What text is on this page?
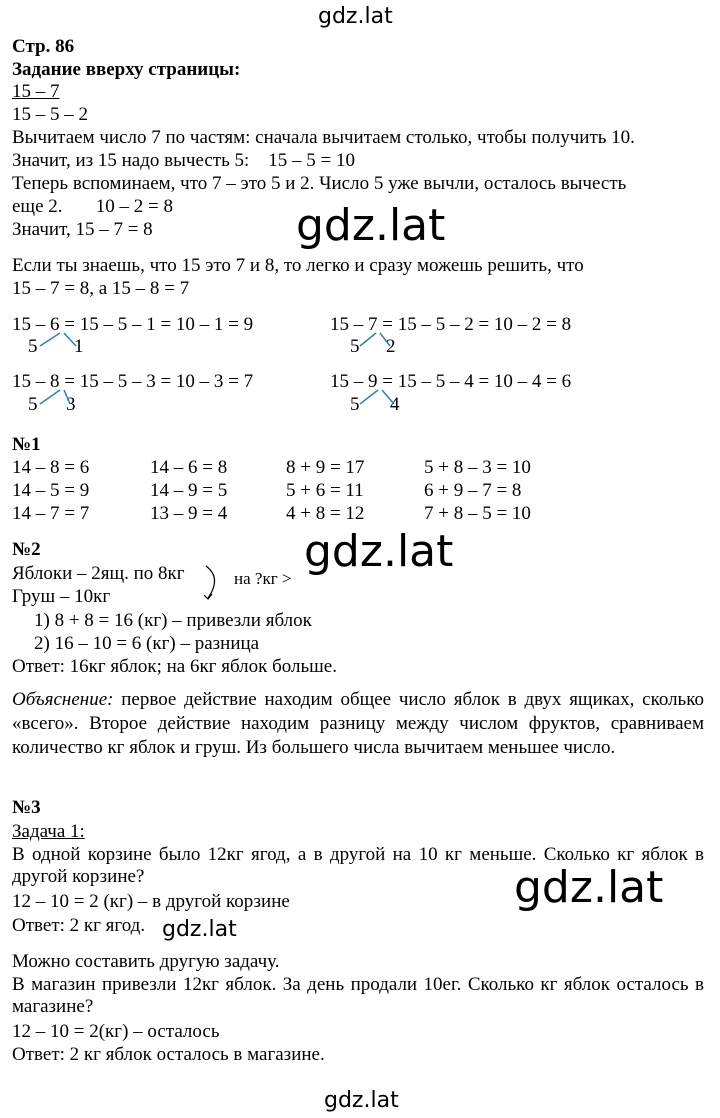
gdz.lat
Стр. 86
Задание вверху страницы:
15 – 7
15 – 5 – 2
Вычитаем число 7 по частям: сначала вычитаем столько, чтобы получить 10.
Значит, из 15 надо вычесть 5:    15 – 5 = 10
Теперь вспоминаем, что 7 – это 5 и 2. Число 5 уже вычли, осталось вычесть
еще 2.       10 – 2 = 8
Значит, 15 – 7 = 8	gdz.lat
Если ты знаешь, что 15 это 7 и 8, то легко и сразу можешь решить, что
15 – 7 = 8, а 15 – 8 = 7
15 – 6 = 15 – 5 – 1 = 10 – 1 = 9
5 1
15 – 7 = 15 – 5 – 2 = 10 – 2 = 8
5 2
15 – 8 = 15 – 5 – 3 = 10 – 3 = 7
5 3
15 – 9 = 15 – 5 – 4 = 10 – 4 = 6
5 4
№1
14 – 8 = 6	14 – 6 = 8	8 + 9 = 17	5 + 8 – 3 = 10
14 – 5 = 9	14 – 9 = 5	5 + 6 = 11	6 + 9 – 7 = 8
14 – 7 = 7	13 – 9 = 4	4 + 8 = 12	7 + 8 – 5 = 10
gdz.lat
№2
Яблоки – 2ящ. по 8кг	на ?кг >
Груш – 10кг
1) 8 + 8 = 16 (кг) – привезли яблок
2) 16 – 10 = 6 (кг) – разница
Ответ: 16кг яблок; на 6кг яблок больше.
Объяснение: первое действие находим общее число яблок в двух ящиках, сколько «всего». Второе действие находим разницу между числом фруктов, сравниваем количество кг яблок и груш. Из большего числа вычитаем меньшее число.
№3
Задача 1:
В одной корзине было 12кг ягод, а в другой на 10 кг меньше. Сколько кг яблок в другой корзине?
12 – 10 = 2 (кг) – в другой корзине
Ответ: 2 кг ягод. gdz.lat
gdz.lat
Можно составить другую задачу.
В магазин привезли 12кг яблок. За день продали 10ег. Сколько кг яблок осталось в магазине?
12 – 10 = 2(кг) – осталось
Ответ: 2 кг яблок осталось в магазине.
gdz.lat
